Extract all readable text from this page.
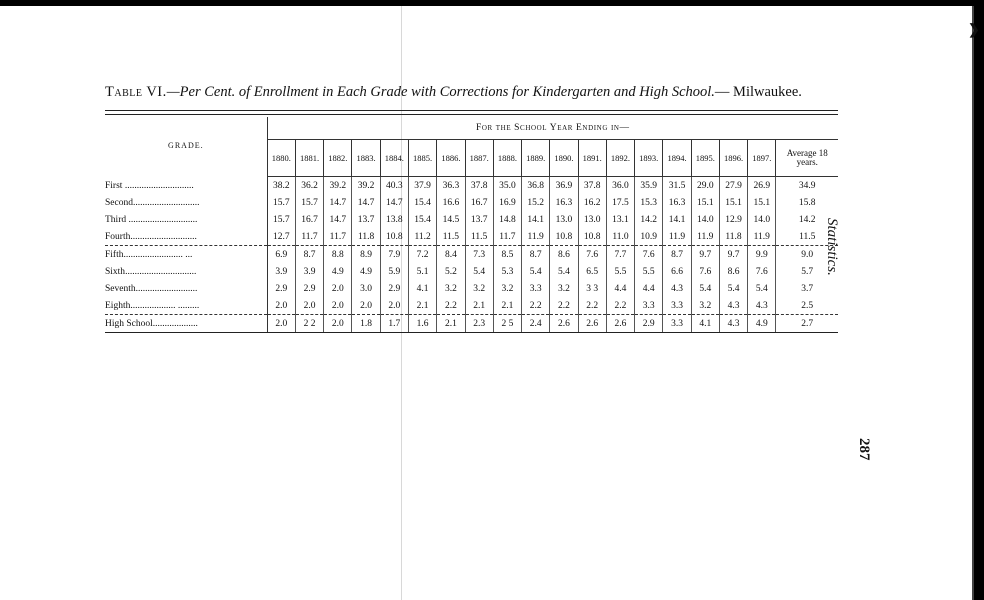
❯
Table VI.—Per Cent. of Enrollment in Each Grade with Corrections for Kindergarten and High School.— Milwaukee.
GRADE.	For the School Year Ending in—																		
	1880.	1881.	1882.	1883.	1884.	1885.	1886.	1887.	1888.	1889.	1890.	1891.	1892.	1893.	1894.	1895.	1896.	1897.	Average 18 years.

First .............................	38.2	36.2	39.2	39.2	40.3	37.9	36.3	37.8	35.0	36.8	36.9	37.8	36.0	35.9	31.5	29.0	27.9	26.9	34.9
Second............................	15.7	15.7	14.7	14.7	14.7	15.4	16.6	16.7	16.9	15.2	16.3	16.2	17.5	15.3	16.3	15.1	15.1	15.1	15.8
Third .............................	15.7	16.7	14.7	13.7	13.8	15.4	14.5	13.7	14.8	14.1	13.0	13.0	13.1	14.2	14.1	14.0	12.9	14.0	14.2
Fourth............................	12.7	11.7	11.7	11.8	10.8	11.2	11.5	11.5	11.7	11.9	10.8	10.8	11.0	10.9	11.9	11.9	11.8	11.9	11.5

Fifth......................... ...	6.9	8.7	8.8	8.9	7.9	7.2	8.4	7.3	8.5	8.7	8.6	7.6	7.7	7.6	8.7	9.7	9.7	9.9	9.0
Sixth..............................	3.9	3.9	4.9	4.9	5.9	5.1	5.2	5.4	5.3	5.4	5.4	6.5	5.5	5.5	6.6	7.6	8.6	7.6	5.7
Seventh..........................	2.9	2.9	2.0	3.0	2.9	4.1	3.2	3.2	3.2	3.3	3.2	3 3	4.4	4.4	4.3	5.4	5.4	5.4	3.7
Eighth................... .........	2.0	2.0	2.0	2.0	2.0	2.1	2.2	2.1	2.1	2.2	2.2	2.2	2.2	3.3	3.3	3.2	4.3	4.3	2.5

High School...................	2.0	2 2	2.0	1.8	1.7	1.6	2.1	2.3	2 5	2.4	2.6	2.6	2.6	2.9	3.3	4.1	4.3	4.9	2.7

Statistics.
287
